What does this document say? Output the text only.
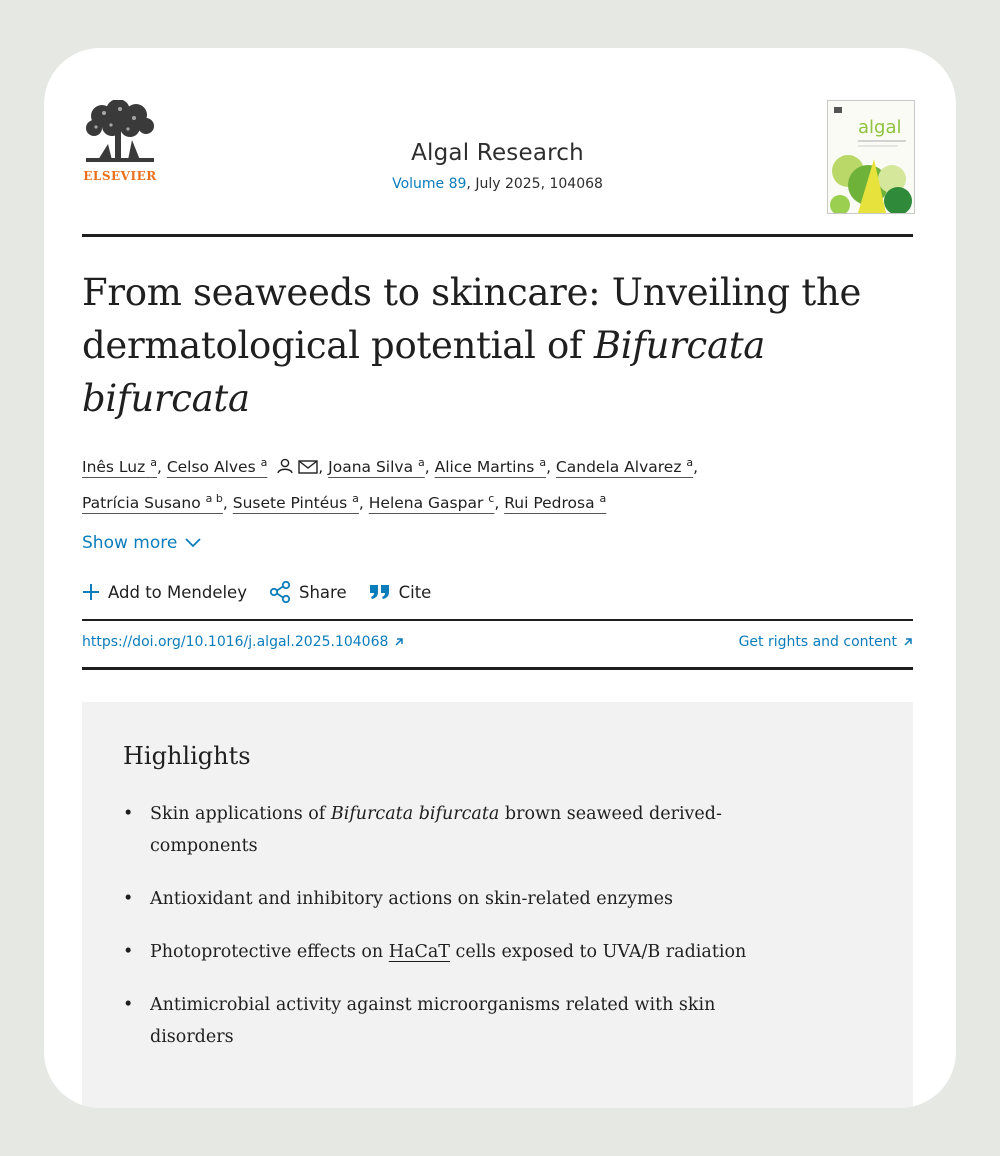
ELSEVIER
Algal Research
Volume 89, July 2025, 104068
algal
From seaweeds to skincare: Unveiling the dermatological potential of Bifurcata bifurcata
Inês Luz $^a$, Celso Alves $^a$	, Joana Silva $^a$, Alice Martins $^a$, Candela Alvarez $^a$,
Patrícia Susano $^{a b}$, Susete Pintéus $^a$, Helena Gaspar $^c$, Rui Pedrosa $^a$
Show more
Add to Mendeley	Share	Cite
https://doi.org/10.1016/j.algal.2025.104068	Get rights and content
Highlights
• Skin applications of Bifurcata bifurcata brown seaweed derived-components
• Antioxidant and inhibitory actions on skin-related enzymes
• Photoprotective effects on HaCaT cells exposed to UVA/B radiation
• Antimicrobial activity against microorganisms related with skin disorders
